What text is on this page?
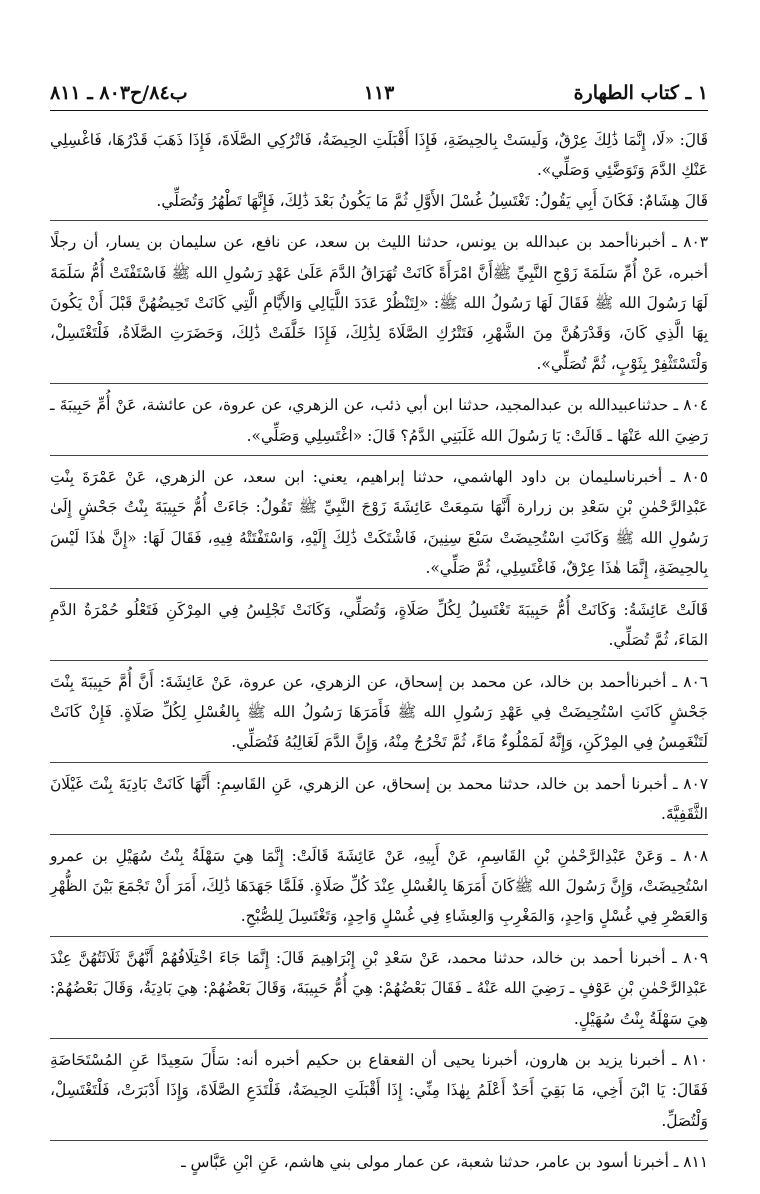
١ ـ كتاب الطهارة
١١٣
ب٨٤/ح٨٠٣ ـ ٨١١

قَالَ: «لَا، إِنَّمَا ذَٰلِكَ عِرْقٌ، وَلَيسَتْ بِالحِيضَةِ، فَإِذَا أَقْبَلَتِ الحِيضَةُ، فَاتْرُكِي الصَّلَاةَ، فَإِذَا ذَهَبَ قَدْرُهَا، فَاغْسِلِي عَنْكِ الدَّمَ وَتَوَضَّئِي وَصَلِّي».

قَالَ هِشَامٌ: فَكَانَ أَبِي يَقُولُ: تَغْتَسِلُ غُسْلَ الأَوَّلِ ثُمَّ مَا يَكُونُ بَعْدَ ذَٰلِكَ، فَإِنَّهَا تَطْهُرُ وَتُصَلِّي.

٨٠٣ ـ أخبرناأحمد بن عبدالله بن يونس، حدثنا الليث بن سعد، عن نافع، عن سليمان بن يسار، أن رجلًا أخبره، عَنْ أُمِّ سَلَمَةَ زَوْجِ النَّبِيِّ ﷺأَنَّ امْرَأَةً كَانَتْ تُهَرَاقُ الدَّمَ عَلَىٰ عَهْدِ رَسُولِ الله ﷺ فَاسْتَفْتَتْ أُمُّ سَلَمَةَ لَهَا رَسُولَ الله ﷺ فَقَالَ لَهَا رَسُولُ الله ﷺ: «لِتَنْظُرْ عَدَدَ اللَّيَالِي وَالأَيَّامِ الَّتِي كَانَتْ تَحِيضُهُنَّ قَبْلَ أَنْ يَكُونَ بِهَا الَّذِي كَانَ، وَقَدْرَهُنَّ مِنَ الشَّهْرِ، فَتَتْرُكِ الصَّلَاةَ لِذَٰلِكَ، فَإِذَا خَلَّفَتْ ذَٰلِكَ، وَحَضَرَتِ الصَّلَاةُ، فَلْتَغْتَسِلْ، وَلْتَسْتَثْفِرْ بِثَوْبٍ، ثُمَّ تُصَلِّي».

٨٠٤ ـ حدثناعبيدالله بن عبدالمجيد، حدثنا ابن أبي ذئب، عن الزهري، عن عروة، عن عائشة، عَنْ أُمِّ حَبِيبَةَ ـ رَضِيَ الله عَنْهَا ـ قَالَتْ: يَا رَسُولَ الله غَلَبَنِي الدَّمُ؟ قَالَ: «اغْتَسِلِي وَصَلِّي».

٨٠٥ ـ أخبرناسليمان بن داود الهاشمي، حدثنا إبراهيم، يعني: ابن سعد، عن الزهري، عَنْ عَمْرَةَ بِنْتِ عَبْدِالرَّحْمٰنِ بْنِ سَعْدِ بن زرارة أَنَّهَا سَمِعَتْ عَائِشَةَ زَوْجَ النَّبِيِّ ﷺ تَقُولُ: جَاءَتْ أُمُّ حَبِيبَةَ بِنْتُ جَحْشٍ إِلَىٰ رَسُولِ الله ﷺ وَكَانَتِ اسْتُحِيضَتْ سَبْعَ سِنِينَ، فَاشْتَكَتْ ذَٰلِكَ إِلَيْهِ، وَاسْتَفْتَتْهُ فِيهِ، فَقَالَ لَهَا: «إِنَّ هٰذَا لَيْسَ بِالحِيضَةِ، إِنَّمَا هٰذَا عِرْقٌ، فَاغْتَسِلِي، ثُمَّ صَلِّي».

قَالَتْ عَائِشَةُ: وَكَانَتْ أُمُّ حَبِيبَةَ تَغْتَسِلُ لِكُلِّ صَلَاةٍ، وَتُصَلِّي، وَكَانَتْ تَجْلِسُ فِي المِرْكَنِ فَتَعْلُو حُمْرَةُ الدَّمِ المَاءَ، ثُمَّ تُصَلِّي.

٨٠٦ ـ أخبرناأحمد بن خالد، عن محمد بن إسحاق، عن الزهري، عن عروة، عَنْ عَائِشَةَ: أَنَّ أُمَّ حَبِيبَةَ بِنْتَ جَحْشٍ كَانَتِ اسْتُحِيضَتْ فِي عَهْدِ رَسُولِ الله ﷺ فَأَمَرَهَا رَسُولُ الله ﷺ بِالغُسْلِ لِكُلِّ صَلَاةٍ. فَإِنْ كَانَتْ لَتَنْغَمِسُ فِي المِرْكَنِ، وَإِنَّهُ لَمَمْلُوءٌ مَاءً، ثُمَّ تَخْرُجُ مِنْهُ، وَإِنَّ الدَّمَ لَغَالِبُهُ فَتُصَلِّي.

٨٠٧ ـ أخبرنا أحمد بن خالد، حدثنا محمد بن إسحاق، عن الزهري، عَنِ القَاسِمِ: أَنَّهَا كَانَتْ بَادِيَةَ بِنْتَ غَيْلَانَ الثَّقَفِيَّةَ.

٨٠٨ ـ وَعَنْ عَبْدِالرَّحْمٰنِ بْنِ القَاسِمِ، عَنْ أَبِيهِ، عَنْ عَائِشَةَ قَالَتْ: إِنَّمَا هِيَ سَهْلَةُ بِنْتُ سُهَيْلِ بن عمرو اسْتُحِيضَتْ، وَإِنَّ رَسُولَ الله ﷺكَانَ أَمَرَهَا بِالغُسْلِ عِنْدَ كُلِّ صَلَاةٍ. فَلَمَّا جَهَدَهَا ذَٰلِكَ، أَمَرَ أَنْ تَجْمَعَ بَيْنَ الظُّهْرِ وَالعَصْرِ فِي غُسْلٍ وَاحِدٍ، وَالمَغْرِبِ وَالعِشَاءِ فِي غُسْلٍ وَاحِدٍ، وَتَغْتَسِلَ لِلصُّبْحِ.

٨٠٩ ـ أخبرنا أحمد بن خالد، حدثنا محمد، عَنْ سَعْدِ بْنِ إِبْرَاهِيمَ قَالَ: إِنَّمَا جَاءَ اخْتِلَافُهُمْ أَنَّهُنَّ ثَلَاثَتُهُنَّ عِنْدَ عَبْدِالرَّحْمٰنِ بْنِ عَوْفٍ ـ رَضِيَ الله عَنْهُ ـ فَقَالَ بَعْضُهُمْ: هِيَ أُمُّ حَبِيبَةَ، وَقَالَ بَعْضُهُمْ: هِيَ بَادِيَةُ، وَقَالَ بَعْضُهُمْ: هِيَ سَهْلَةُ بِنْتُ سُهَيْلٍ.

٨١٠ ـ أخبرنا يزيد بن هارون، أخبرنا يحيى أن القعقاع بن حكيم أخبره أنه: سَأَلَ سَعِيدًا عَنِ المُسْتَحَاضَةِ فَقَالَ: يَا ابْنَ أَخِي، مَا بَقِيَ أَحَدٌ أَعْلَمُ بِهٰذَا مِنِّي: إِذَا أَقْبَلَتِ الحِيضَةُ، فَلْتَدَعِ الصَّلَاةَ، وَإِذَا أَدْبَرَتْ، فَلْتَغْتَسِلْ، وَلْتُصَلِّ.

٨١١ ـ أخبرنا أسود بن عامر، حدثنا شعبة، عن عمار مولى بني هاشم، عَنِ ابْنِ عَبَّاسٍ ـ
